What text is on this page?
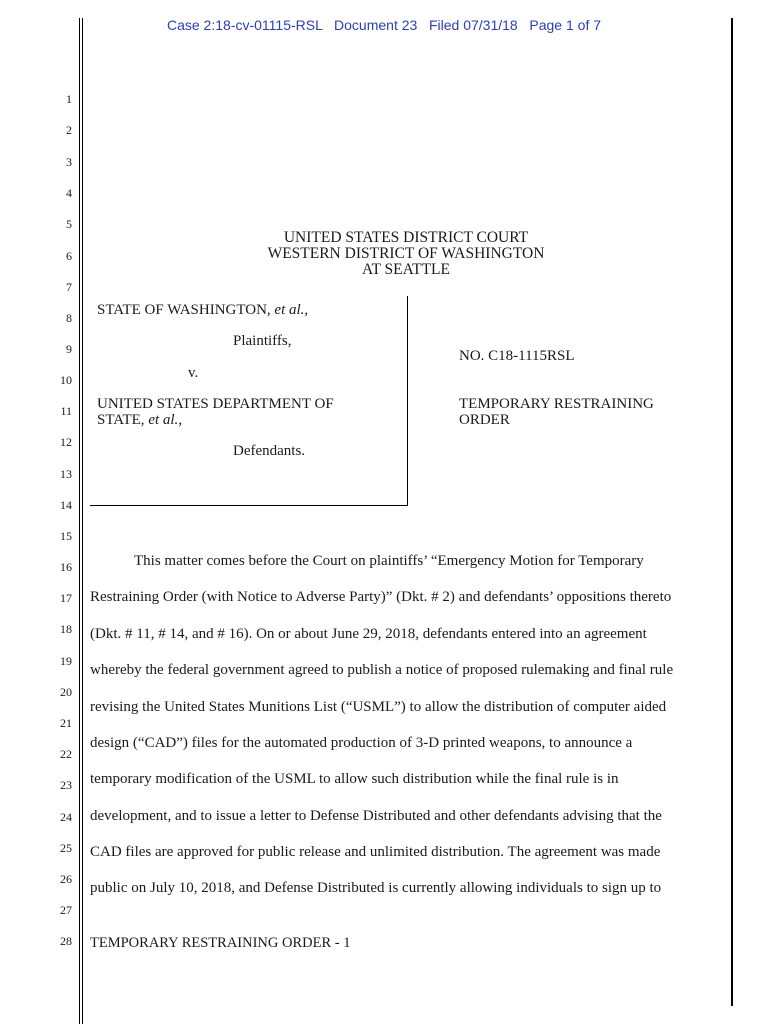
Case 2:18-cv-01115-RSL Document 23 Filed 07/31/18 Page 1 of 7
1
2
3
4
5
6
7
8
9
10
11
12
13
14
15
16
17
18
19
20
21
22
23
24
25
26
27
28
UNITED STATES DISTRICT COURT
WESTERN DISTRICT OF WASHINGTON
AT SEATTLE
STATE OF WASHINGTON, et al.,
Plaintiffs,
v.
UNITED STATES DEPARTMENT OF
STATE, et al.,
Defendants.
NO. C18-1115RSL
TEMPORARY RESTRAINING
ORDER
This matter comes before the Court on plaintiffs’ “Emergency Motion for Temporary
Restraining Order (with Notice to Adverse Party)” (Dkt. # 2) and defendants’ oppositions thereto
(Dkt. # 11, # 14, and # 16). On or about June 29, 2018, defendants entered into an agreement
whereby the federal government agreed to publish a notice of proposed rulemaking and final rule
revising the United States Munitions List (“USML”) to allow the distribution of computer aided
design (“CAD”) files for the automated production of 3-D printed weapons, to announce a
temporary modification of the USML to allow such distribution while the final rule is in
development, and to issue a letter to Defense Distributed and other defendants advising that the
CAD files are approved for public release and unlimited distribution. The agreement was made
public on July 10, 2018, and Defense Distributed is currently allowing individuals to sign up to
TEMPORARY RESTRAINING ORDER - 1
